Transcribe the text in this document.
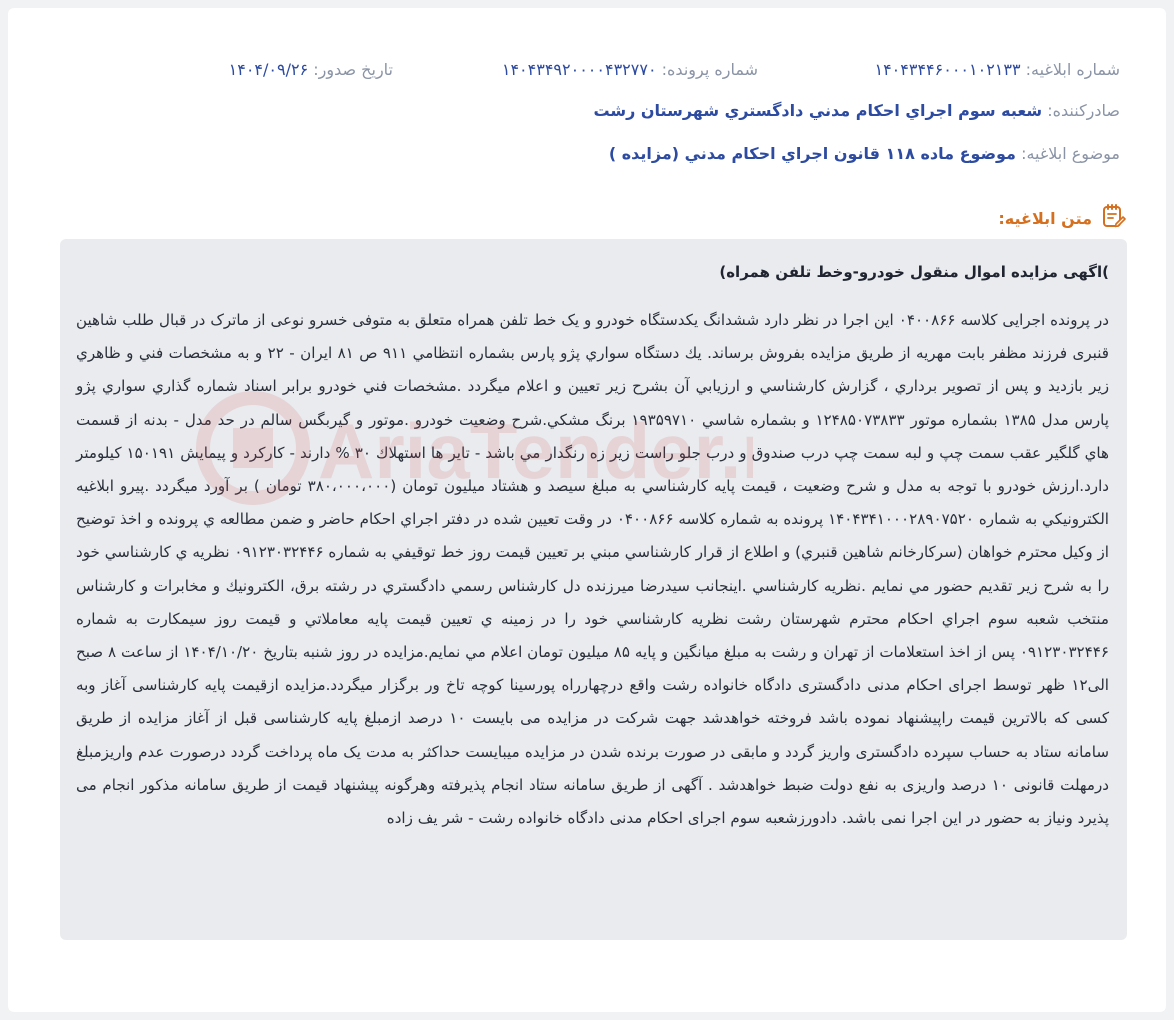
شماره ابلاغيه: ۱۴۰۴۳۴۴۶۰۰۰۱۰۲۱۳۳
شماره پرونده: ۱۴۰۴۳۴۹۲۰۰۰۰۴۳۲۷۷۰
تاريخ صدور: ۱۴۰۴/۰۹/۲۶
صادرکننده: شعبه سوم اجراي احکام مدني دادگستري شهرستان رشت
موضوع ابلاغيه: موضوع ماده ۱۱۸ قانون اجراي احکام مدني (مزايده )
متن ابلاغيه:

)اگهی مزایده اموال منقول خودرو-وخط تلفن همراه)

در پرونده اجرایی کلاسه ۰۴۰۰۸۶۶ این اجرا در نظر دارد ششدانگ یکدستگاه خودرو و یک خط تلفن همراه متعلق به متوفی خسرو نوعی از ماترک در قبال طلب شاهین قنبری فرزند مظفر بابت مهریه از طریق مزایده بفروش برساند. يك دستگاه سواري پژو پارس بشماره انتظامي ۹۱۱ ص ۸۱ ايران - ۲۲ و به مشخصات فني و ظاهري زير بازديد و پس از تصوير برداري ، گزارش كارشناسي و ارزيابي آن بشرح زير تعيين و اعلام ميگردد .مشخصات فني خودرو برابر اسناد شماره گذاري سواري پژو پارس مدل ۱۳۸۵ بشماره موتور ۱۲۴۸۵۰۷۳۸۳۳ و بشماره شاسي ۱۹۳۵۹۷۱۰ برنگ مشكي.شرح وضعيت خودرو .موتور و گيربگس سالم در حد مدل - بدنه از قسمت هاي گلگير عقب سمت چپ و لبه سمت چپ درب صندوق و درب جلو راست زير زه رنگدار مي باشد - تاير ها استهلاك ۳۰ % دارند - كاركرد و پيمايش ۱۵۰۱۹۱ كيلومتر دارد.ارزش خودرو با توجه به مدل و شرح وضعيت ، قيمت پايه كارشناسي به مبلغ سيصد و هشتاد ميليون تومان (۳۸۰،۰۰۰،۰۰۰ تومان ) بر آورد ميگردد .پيرو ابلاغيه الكترونيكي به شماره ۱۴۰۴۳۴۱۰۰۰۲۸۹۰۷۵۲۰ پرونده به شماره كلاسه ۰۴۰۰۸۶۶ در وقت تعيين شده در دفتر اجراي احكام حاضر و ضمن مطالعه ي پرونده و اخذ توضيح از وكيل محترم خواهان (سركارخانم شاهين قنبري) و اطلاع از قرار كارشناسي مبني بر تعيين قيمت روز خط توقيفي به شماره ۰۹۱۲۳۰۳۲۴۴۶ نظريه ي كارشناسي خود را به شرح زير تقديم حضور مي نمايم .نظريه كارشناسي .اينجانب سيدرضا ميرزنده دل كارشناس رسمي دادگستري در رشته برق، الكترونيك و مخابرات و كارشناس منتخب شعبه سوم اجراي احكام محترم شهرستان رشت نظريه كارشناسي خود را در زمينه ي تعيين قيمت پايه معاملاتي و قيمت روز سيمكارت به شماره ۰۹۱۲۳۰۳۲۴۴۶ پس از اخذ استعلامات از تهران و رشت به مبلغ ميانگين و پايه ۸۵ ميليون تومان اعلام مي نمايم.مزایده در روز شنبه بتاریخ ۱۴۰۴/۱۰/۲۰ از ساعت ۸ صبح الی۱۲ ظهر توسط اجرای احکام مدنی دادگستری دادگاه خانواده رشت واقع درچهارراه پورسینا کوچه تاخ ور برگزار میگردد.مزایده ازقیمت پایه کارشناسی آغاز وبه کسی که بالاترین قیمت راپیشنهاد نموده باشد فروخته خواهدشد جهت شرکت در مزایده می بایست ۱۰ درصد ازمبلغ پایه کارشناسی قبل از آغاز مزایده از طریق سامانه ستاد به حساب سپرده دادگستری واریز گردد و مابقی در صورت برنده شدن در مزایده میبایست حداکثر به مدت یک ماه پرداخت گردد درصورت عدم واریزمبلغ درمهلت قانونی ۱۰ درصد واریزی به نفع دولت ضبط خواهدشد . آگهی از طریق سامانه ستاد انجام پذیرفته وهرگونه پیشنهاد قیمت از طریق سامانه مذکور انجام می پذیرد ونیاز به حضور در این اجرا نمی باشد. دادورزشعبه سوم اجرای احکام مدنی دادگاه خانواده رشت - شر یف زاده
